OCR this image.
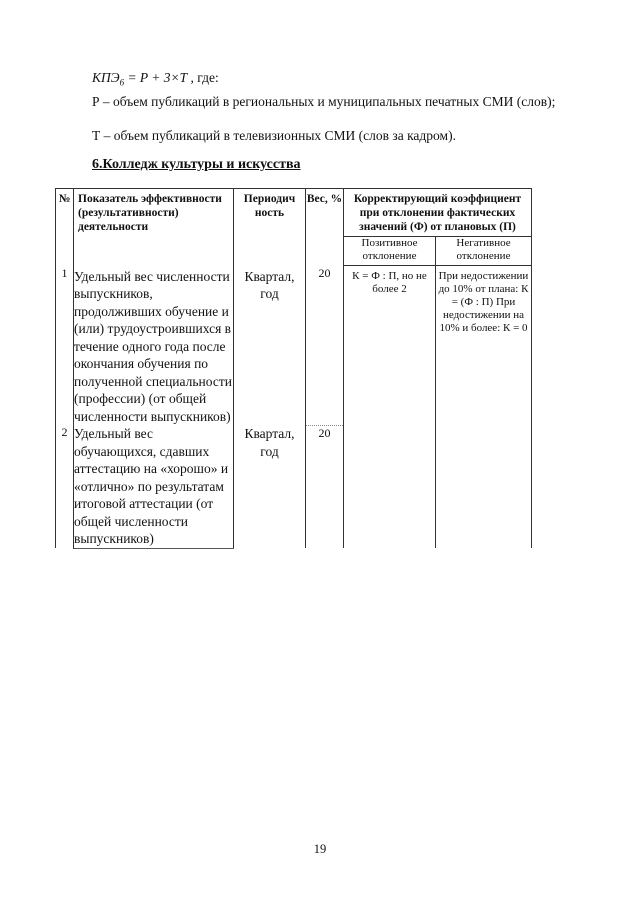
$КПЭ_6 = P + 3\times T$ , где:
Р – объем публикаций в региональных и муниципальных печатных СМИ (слов);
Т – объем публикаций в телевизионных СМИ (слов за кадром).
6.Колледж культуры и искусства
№	Показатель эффективности (результативности) деятельности	Периодич ность	Вес, %	Корректирующий коэффициент при отклонении фактических значений (Ф) от плановых (П)	
				Позитивное отклонение	Негативное отклонение
1	Удельный вес численности выпускников, продолживших обучение и (или) трудоустроившихся в течение одного года после окончания обучения по полученной специальности (профессии) (от общей численности выпускников)	Квартал, год	20	К = Ф : П, но не более 2	При недостижении до 10% от плана: К = (Ф : П) При недостижении на 10% и более: К = 0
2	Удельный вес обучающихся, сдавших аттестацию на «хорошо» и «отлично» по результатам итоговой аттестации (от общей численности выпускников)	Квартал, год	20		
19
